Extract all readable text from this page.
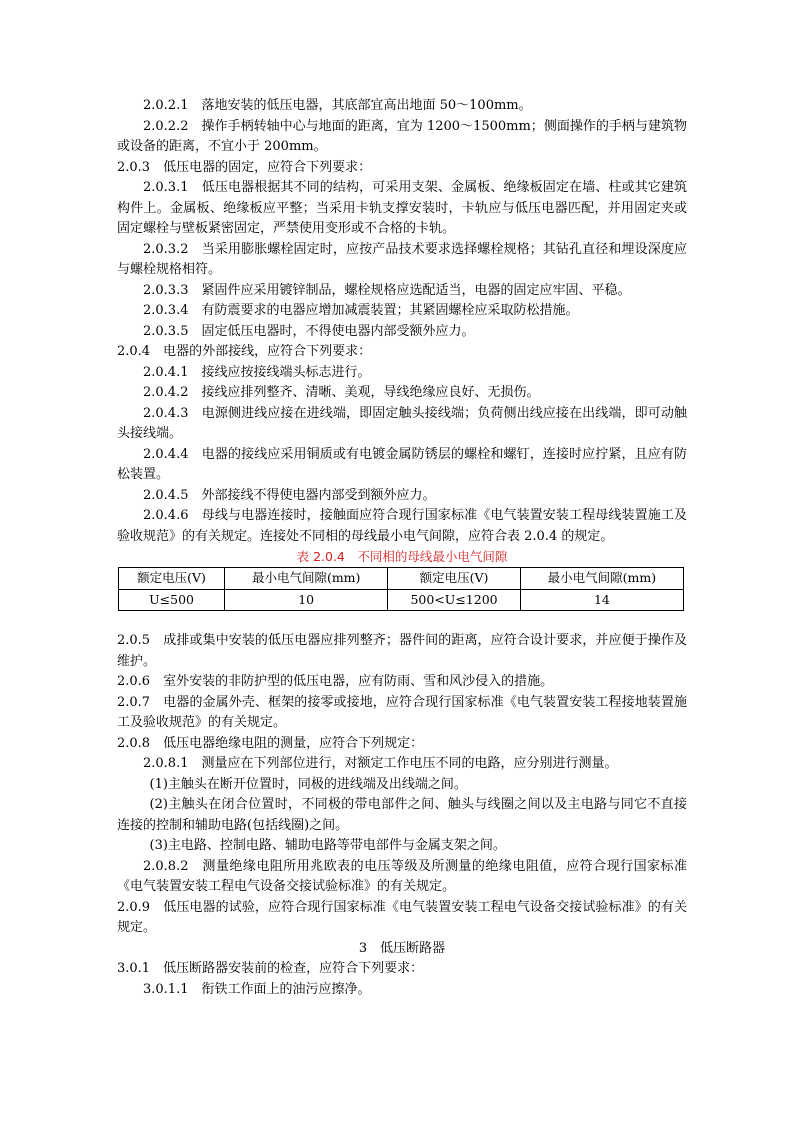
2.0.2.1　落地安装的低压电器，其底部宜高出地面 50～100mm。

2.0.2.2　操作手柄转轴中心与地面的距离，宜为 1200～1500mm；侧面操作的手柄与建筑物或设备的距离，不宜小于 200mm。

2.0.3　低压电器的固定，应符合下列要求：

2.0.3.1　低压电器根据其不同的结构，可采用支架、金属板、绝缘板固定在墙、柱或其它建筑构件上。金属板、绝缘板应平整；当采用卡轨支撑安装时，卡轨应与低压电器匹配，并用固定夹或固定螺栓与壁板紧密固定，严禁使用变形或不合格的卡轨。

2.0.3.2　当采用膨胀螺栓固定时，应按产品技术要求选择螺栓规格；其钻孔直径和埋设深度应与螺栓规格相符。

2.0.3.3　紧固件应采用镀锌制品，螺栓规格应选配适当，电器的固定应牢固、平稳。

2.0.3.4　有防震要求的电器应增加减震装置；其紧固螺栓应采取防松措施。

2.0.3.5　固定低压电器时，不得使电器内部受额外应力。

2.0.4　电器的外部接线，应符合下列要求：

2.0.4.1　接线应按接线端头标志进行。

2.0.4.2　接线应排列整齐、清晰、美观，导线绝缘应良好、无损伤。

2.0.4.3　电源侧进线应接在进线端，即固定触头接线端；负荷侧出线应接在出线端，即可动触头接线端。

2.0.4.4　电器的接线应采用铜质或有电镀金属防锈层的螺栓和螺钉，连接时应拧紧，且应有防松装置。

2.0.4.5　外部接线不得使电器内部受到额外应力。

2.0.4.6　母线与电器连接时，接触面应符合现行国家标准《电气装置安装工程母线装置施工及验收规范》的有关规定。连接处不同相的母线最小电气间隙，应符合表 2.0.4 的规定。

表 2.0.4　不同相的母线最小电气间隙

额定电压(V)	最小电气间隙(mm)	额定电压(V)	最小电气间隙(mm)
U≤500	10	500<U≤1200	14

2.0.5　成排或集中安装的低压电器应排列整齐；器件间的距离，应符合设计要求，并应便于操作及维护。

2.0.6　室外安装的非防护型的低压电器，应有防雨、雪和风沙侵入的措施。

2.0.7　电器的金属外壳、框架的接零或接地，应符合现行国家标准《电气装置安装工程接地装置施工及验收规范》的有关规定。

2.0.8　低压电器绝缘电阻的测量，应符合下列规定：

2.0.8.1　测量应在下列部位进行，对额定工作电压不同的电路，应分别进行测量。

(1)主触头在断开位置时，同极的进线端及出线端之间。

(2)主触头在闭合位置时，不同极的带电部件之间、触头与线圈之间以及主电路与同它不直接连接的控制和辅助电路(包括线圈)之间。

(3)主电路、控制电路、辅助电路等带电部件与金属支架之间。

2.0.8.2　测量绝缘电阻所用兆欧表的电压等级及所测量的绝缘电阻值，应符合现行国家标准《电气装置安装工程电气设备交接试验标准》的有关规定。

2.0.9　低压电器的试验，应符合现行国家标准《电气装置安装工程电气设备交接试验标准》的有关规定。

3　低压断路器

3.0.1　低压断路器安装前的检查，应符合下列要求：

3.0.1.1　衔铁工作面上的油污应擦净。
